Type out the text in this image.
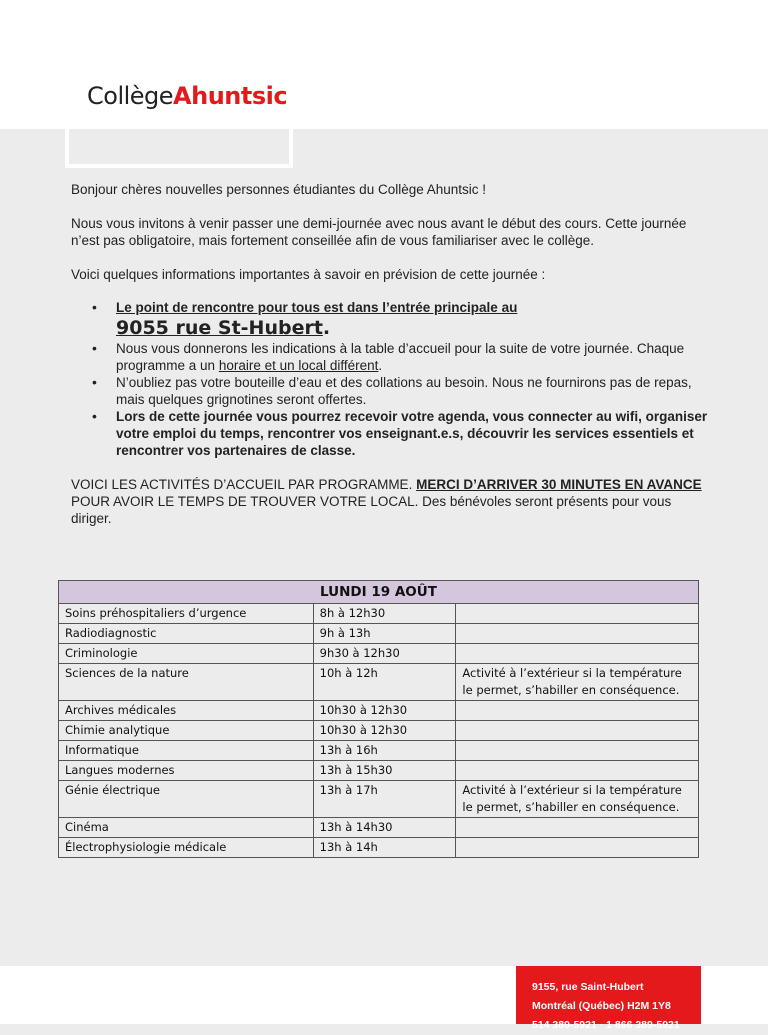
CollègeAhuntsic

Bonjour chères nouvelles personnes étudiantes du Collège Ahuntsic !

Nous vous invitons à venir passer une demi-journée avec nous avant le début des cours. Cette journée n’est pas obligatoire, mais fortement conseillée afin de vous familiariser avec le collège.

Voici quelques informations importantes à savoir en prévision de cette journée :

• Le point de rencontre pour tous est dans l’entrée principale au
9055 rue St-Hubert.
• Nous vous donnerons les indications à la table d’accueil pour la suite de votre journée. Chaque programme a un horaire et un local différent.
• N’oubliez pas votre bouteille d’eau et des collations au besoin. Nous ne fournirons pas de repas, mais quelques grignotines seront offertes.
• Lors de cette journée vous pourrez recevoir votre agenda, vous connecter au wifi, organiser votre emploi du temps, rencontrer vos enseignant.e.s, découvrir les services essentiels et rencontrer vos partenaires de classe.

VOICI LES ACTIVITÉS D’ACCUEIL PAR PROGRAMME. MERCI D’ARRIVER 30 MINUTES EN AVANCE POUR AVOIR LE TEMPS DE TROUVER VOTRE LOCAL. Des bénévoles seront présents pour vous diriger.

LUNDI 19 AOÛT		
Soins préhospitaliers d’urgence	8h à 12h30	
Radiodiagnostic	9h à 13h	
Criminologie	9h30 à 12h30	
Sciences de la nature	10h à 12h	Activité à l’extérieur si la température le permet, s’habiller en conséquence.
Archives médicales	10h30 à 12h30	
Chimie analytique	10h30 à 12h30	
Informatique	13h à 16h	
Langues modernes	13h à 15h30	
Génie électrique	13h à 17h	Activité à l’extérieur si la température le permet, s’habiller en conséquence.
Cinéma	13h à 14h30	
Électrophysiologie médicale	13h à 14h	
9155, rue Saint-Hubert
Montréal (Québec) H2M 1Y8
514 389-5921 · 1 866 389-5921
